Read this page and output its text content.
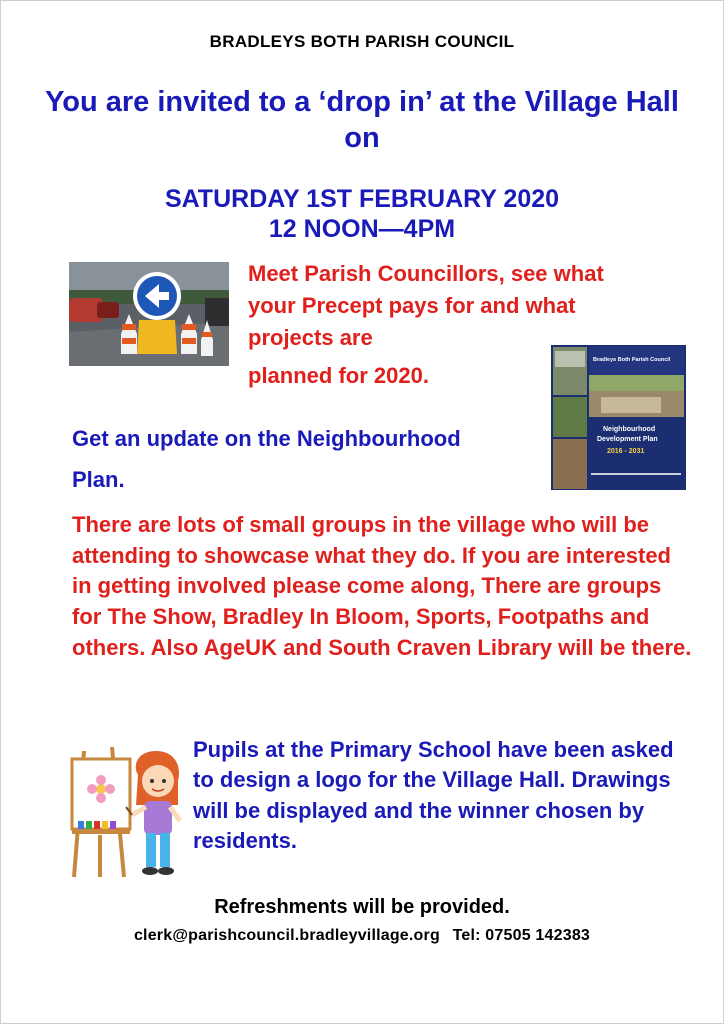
BRADLEYS BOTH PARISH COUNCIL
You are invited to a ‘drop in’ at the Village Hall on
SATURDAY 1ST FEBRUARY 2020
12 NOON—4PM
Meet Parish Councillors, see what your Precept pays for and what projects are
planned for 2020.
Bradleys Both Parish Council
Neighbourhood
Development Plan
2016 - 2031
Get an update on the Neighbourhood
Plan.
There are lots of small groups in the village who will be attending to showcase what they do. If you are interested in getting involved please come along, There are groups for The Show, Bradley In Bloom, Sports, Footpaths and others. Also AgeUK and South Craven Library will be there.
Pupils at the Primary School have been asked to design a logo for the Village Hall. Drawings will be displayed and the winner chosen by residents.
Refreshments will be provided.
clerk@parishcouncil.bradleyvillage.org Tel: 07505 142383
